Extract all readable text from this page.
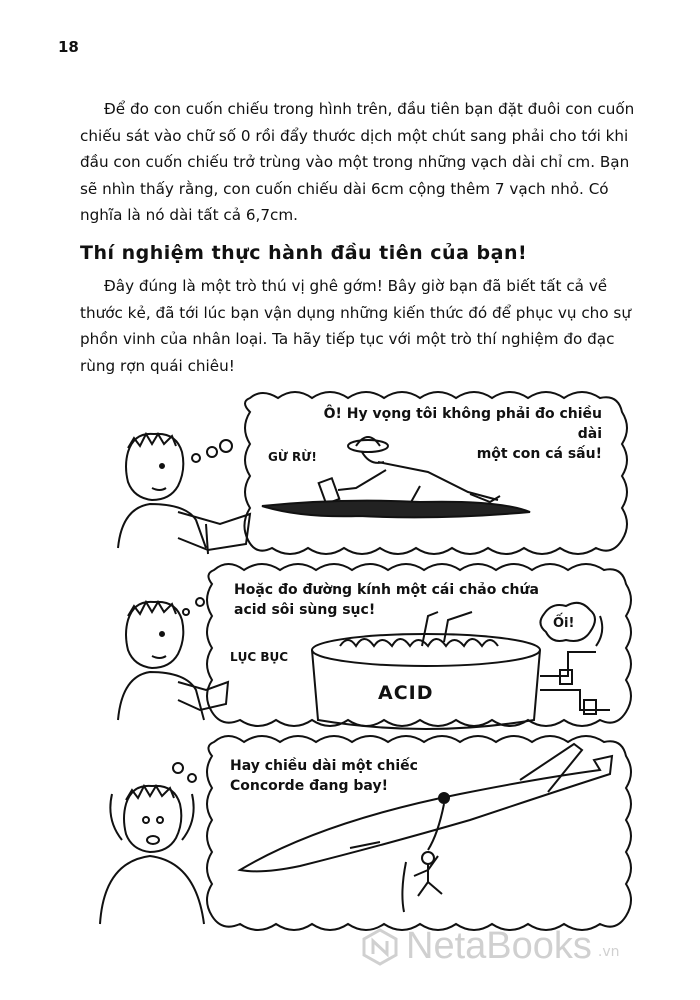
18

Để đo con cuốn chiếu trong hình trên, đầu tiên bạn đặt đuôi con cuốn chiếu sát vào chữ số 0 rồi đẩy thước dịch một chút sang phải cho tới khi đầu con cuốn chiếu trở trùng vào một trong những vạch dài chỉ cm. Bạn sẽ nhìn thấy rằng, con cuốn chiếu dài 6cm cộng thêm 7 vạch nhỏ. Có nghĩa là nó dài tất cả 6,7cm.

Thí nghiệm thực hành đầu tiên của bạn!

Đây đúng là một trò thú vị ghê gớm! Bây giờ bạn đã biết tất cả về thước kẻ, đã tới lúc bạn vận dụng những kiến thức đó để phục vụ cho sự phồn vinh của nhân loại. Ta hãy tiếp tục với một trò thí nghiệm đo đạc rùng rợn quái chiêu!

Ô! Hy vọng tôi không phải đo chiều dài
một con cá sấu!
GỪ RỪ!
Hoặc đo đường kính một cái chảo chứa
acid sôi sùng sục!
LỤC BỤC
Ối!
ACID
Hay chiều dài một chiếc
Concorde đang bay!
NetaBooks .vn
